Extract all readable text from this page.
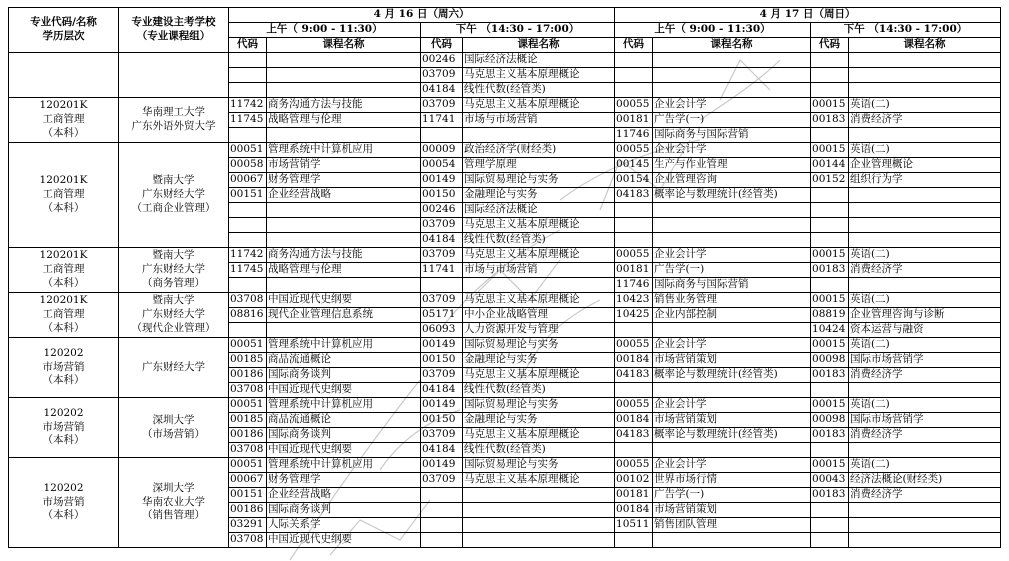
专业代码/名称
学历层次	专业建设主考学校
（专业课程组）	4 月 16 日（周六）				4 月 17 日（周日）			
		上午（ 9:00 - 11:30）		下午 （14:30 - 17:00）		上午（ 9:00 - 11:30）		下午 （14:30 - 17:00）	
		代码	课程名称	代码	课程名称	代码	课程名称	代码	课程名称
				00246	国际经济法概论				
				03709	马克思主义基本原理概论				
				04184	线性代数(经管类)				

120201K
工商管理
（本科）	华南理工大学
广东外语外贸大学	11742	商务沟通方法与技能	03709	马克思主义基本原理概论	00055	企业会计学	00015	英语(二)
		11745	战略管理与伦理	11741	市场与市场营销	00181	广告学(一)	00183	消费经济学
						11746	国际商务与国际营销		

120201K
工商管理
（本科）	暨南大学
广东财经大学
（工商企业管理）	00051	管理系统中计算机应用	00009	政治经济学(财经类)	00055	企业会计学	00015	英语(二)
		00058	市场营销学	00054	管理学原理	00145	生产与作业管理	00144	企业管理概论
		00067	财务管理学	00149	国际贸易理论与实务	00154	企业管理咨询	00152	组织行为学
		00151	企业经营战略	00150	金融理论与实务	04183	概率论与数理统计(经管类)		
				00246	国际经济法概论				
				03709	马克思主义基本原理概论				
				04184	线性代数(经管类)				

120201K
工商管理
（本科）	暨南大学
广东财经大学
（商务管理）	11742	商务沟通方法与技能	03709	马克思主义基本原理概论	00055	企业会计学	00015	英语(二)
		11745	战略管理与伦理	11741	市场与市场营销	00181	广告学(一)	00183	消费经济学
						11746	国际商务与国际营销		

120201K
工商管理
（本科）	暨南大学
广东财经大学
（现代企业管理）	03708	中国近现代史纲要	03709	马克思主义基本原理概论	10423	销售业务管理	00015	英语(二)
		08816	现代企业管理信息系统	05171	中小企业战略管理	10425	企业内部控制	08819	企业管理咨询与诊断
				06093	人力资源开发与管理			10424	资本运营与融资

120202
市场营销
（本科）	广东财经大学	00051	管理系统中计算机应用	00149	国际贸易理论与实务	00055	企业会计学	00015	英语(二)
		00185	商品流通概论	00150	金融理论与实务	00184	市场营销策划	00098	国际市场营销学
		00186	国际商务谈判	03709	马克思主义基本原理概论	04183	概率论与数理统计(经管类)	00183	消费经济学
		03708	中国近现代史纲要	04184	线性代数(经管类)				

120202
市场营销
（本科）	深圳大学
（市场营销）	00051	管理系统中计算机应用	00149	国际贸易理论与实务	00055	企业会计学	00015	英语(二)
		00185	商品流通概论	00150	金融理论与实务	00184	市场营销策划	00098	国际市场营销学
		00186	国际商务谈判	03709	马克思主义基本原理概论	04183	概率论与数理统计(经管类)	00183	消费经济学
		03708	中国近现代史纲要	04184	线性代数(经管类)				

120202
市场营销
（本科）	深圳大学
华南农业大学
（销售管理）	00051	管理系统中计算机应用	00149	国际贸易理论与实务	00055	企业会计学	00015	英语(二)
		00067	财务管理学	03709	马克思主义基本原理概论	00102	世界市场行情	00043	经济法概论(财经类)
		00151	企业经营战略			00181	广告学(一)	00183	消费经济学
		00186	国际商务谈判			00184	市场营销策划		
		03291	人际关系学			10511	销售团队管理		
		03708	中国近现代史纲要						
